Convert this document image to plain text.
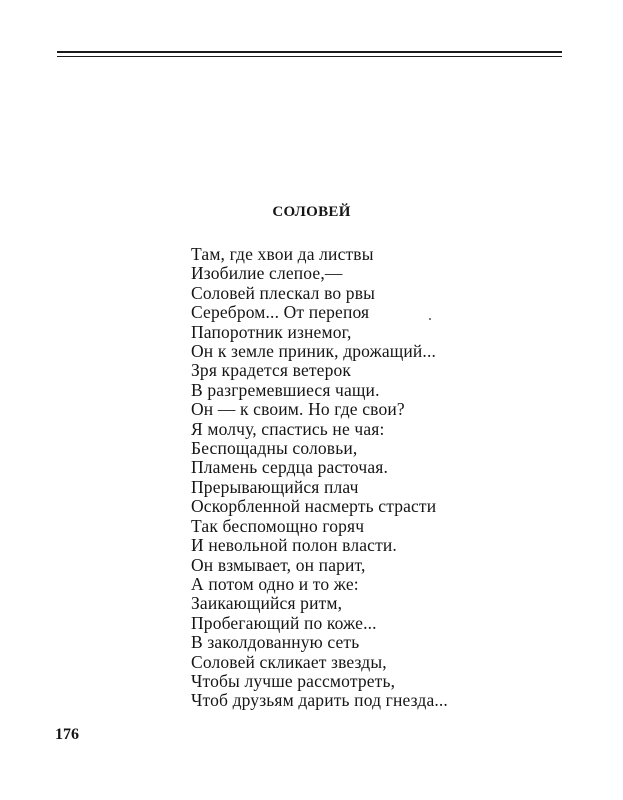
СОЛОВЕЙ
Там, где хвои да листвы
Изобилие слепое,—
Соловей плескал во рвы
Серебром... От перепоя
Папоротник изнемог,
Он к земле приник, дрожащий...
Зря крадется ветерок
В разгремевшиеся чащи.
Он — к своим. Но где свои?
Я молчу, спастись не чая:
Беспощадны соловьи,
Пламень сердца расточая.
Прерывающийся плач
Оскорбленной насмерть страсти
Так беспомощно горяч
И невольной полон власти.
Он взмывает, он парит,
А потом одно и то же:
Заикающийся ритм,
Пробегающий по коже...
В заколдованную сеть
Соловей скликает звезды,
Чтобы лучше рассмотреть,
Чтоб друзьям дарить под гнезда...

176
